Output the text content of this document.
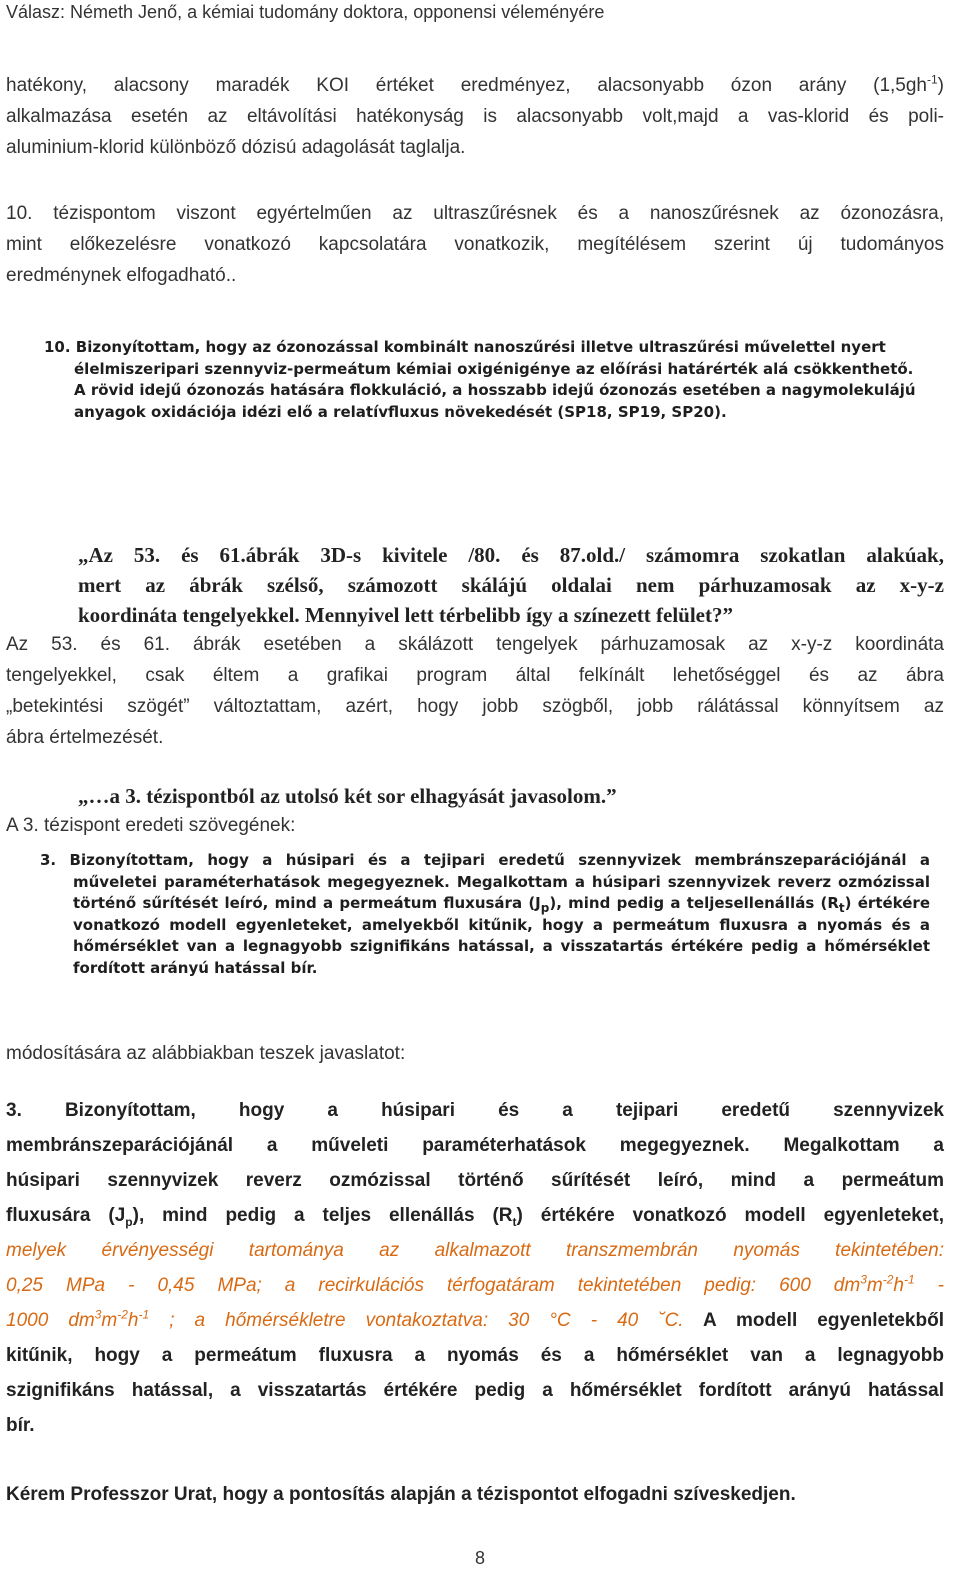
Válasz: Németh Jenő, a kémiai tudomány doktora, opponensi véleményére
hatékony, alacsony maradék KOI értéket eredményez, alacsonyabb ózon arány $(1,5gh^{-1})$
alkalmazása esetén az eltávolítási hatékonyság is alacsonyabb volt,majd a vas-klorid és poli-
aluminium-klorid különböző dózisú adagolását taglalja.
10. tézispontom viszont egyértelműen az ultraszűrésnek és a nanoszűrésnek az ózonozásra,
mint előkezelésre vonatkozó kapcsolatára vonatkozik, megítélésem szerint új tudományos
eredménynek elfogadható..
10. Bizonyítottam, hogy az ózonozással kombinált nanoszűrési illetve ultraszűrési művelettel nyert
élelmiszeripari szennyviz-permeátum kémiai oxigénigénye az előírási határérték alá csökkenthető.
A rövid idejű ózonozás hatására flokkuláció, a hosszabb idejű ózonozás esetében a nagymolekulájú
anyagok oxidációja idézi elő a relatívfluxus növekedését (SP18, SP19, SP20).
„Az 53. és 61.ábrák 3D-s kivitele /80. és 87.old./ számomra szokatlan alakúak,
mert az ábrák szélső, számozott skálájú oldalai nem párhuzamosak az x-y-z
koordináta tengelyekkel. Mennyivel lett térbelibb így a színezett felület?”
Az 53. és 61. ábrák esetében a skálázott tengelyek párhuzamosak az x-y-z koordináta
tengelyekkel, csak éltem a grafikai program által felkínált lehetőséggel és az ábra
„betekintési szögét” változtattam, azért, hogy jobb szögből, jobb rálátással könnyítsem az
ábra értelmezését.
„…a 3. tézispontból az utolsó két sor elhagyását javasolom.”
A 3. tézispont eredeti szövegének:
3. Bizonyítottam, hogy a húsipari és a tejipari eredetű szennyvizek membránszeparációjánál a
műveletei paraméterhatások megegyeznek. Megalkottam a húsipari szennyvizek reverz ozmózissal
történő sűrítését leíró, mind a permeátum fluxusára $(J_p)$, mind pedig a teljesellenállás $(R_t)$ értékére
vonatkozó modell egyenleteket, amelyekből kitűnik, hogy a permeátum fluxusra a nyomás és a
hőmérséklet van a legnagyobb szignifikáns hatással, a visszatartás értékére pedig a hőmérséklet
fordított arányú hatással bír.
módosítására az alábbiakban teszek javaslatot:
3. Bizonyítottam, hogy a húsipari és a tejipari eredetű szennyvizek
membránszeparációjánál a műveleti paraméterhatások megegyeznek. Megalkottam a
húsipari szennyvizek reverz ozmózissal történő sűrítését leíró, mind a permeátum
fluxusára $(J_p)$, mind pedig a teljes ellenállás $(R_t)$ értékére vonatkozó modell egyenleteket,
melyek érvényességi tartománya az alkalmazott transzmembrán nyomás tekintetében:
0,25 MPa - 0,45 MPa; a recirkulációs térfogatáram tekintetében pedig: 600 $dm^3m^{-2}h^{-1}$ -
1000 $dm^3m^{-2}h^{-1}$ ; a hőmérsékletre vontakoztatva: 30 °C - 40 ˘C. A modell egyenletekből
kitűnik, hogy a permeátum fluxusra a nyomás és a hőmérséklet van a legnagyobb
szignifikáns hatással, a visszatartás értékére pedig a hőmérséklet fordított arányú hatással
bír.
Kérem Professzor Urat, hogy a pontosítás alapján a tézispontot elfogadni szíveskedjen.
8
